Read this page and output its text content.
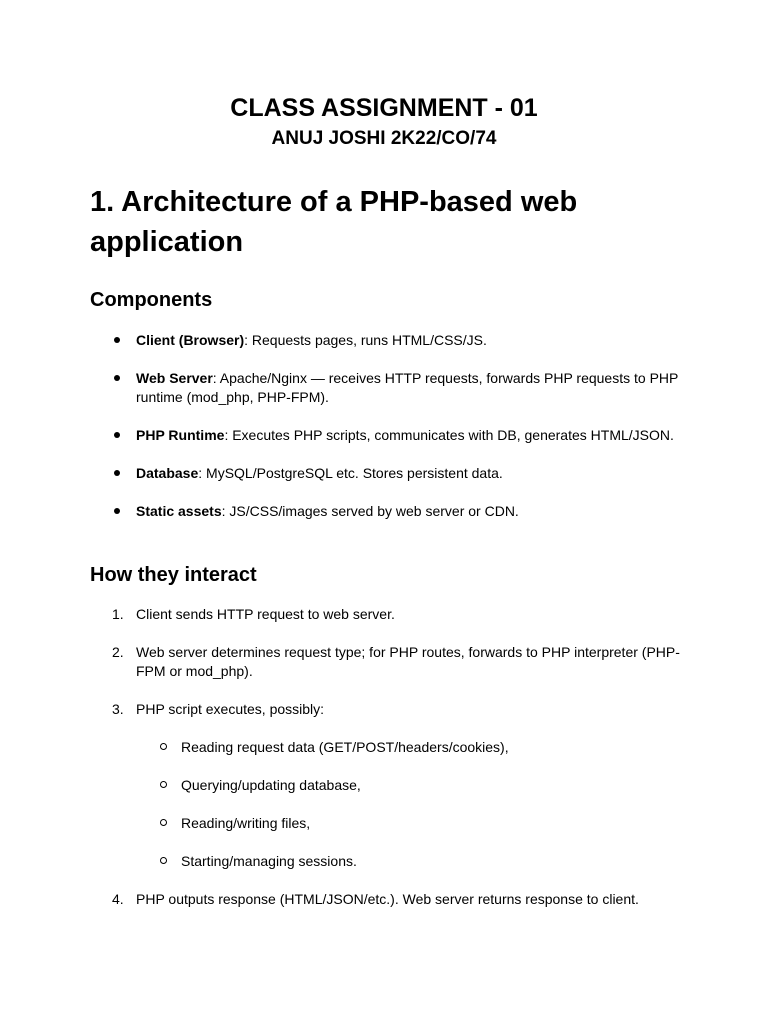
CLASS ASSIGNMENT - 01
ANUJ JOSHI 2K22/CO/74
1. Architecture of a PHP-based web application
Components
Client (Browser): Requests pages, runs HTML/CSS/JS.
Web Server: Apache/Nginx — receives HTTP requests, forwards PHP requests to PHP runtime (mod_php, PHP-FPM).
PHP Runtime: Executes PHP scripts, communicates with DB, generates HTML/JSON.
Database: MySQL/PostgreSQL etc. Stores persistent data.
Static assets: JS/CSS/images served by web server or CDN.
How they interact
1. Client sends HTTP request to web server.
2. Web server determines request type; for PHP routes, forwards to PHP interpreter (PHP-FPM or mod_php).
3. PHP script executes, possibly:
Reading request data (GET/POST/headers/cookies),
Querying/updating database,
Reading/writing files,
Starting/managing sessions.
4. PHP outputs response (HTML/JSON/etc.). Web server returns response to client.
